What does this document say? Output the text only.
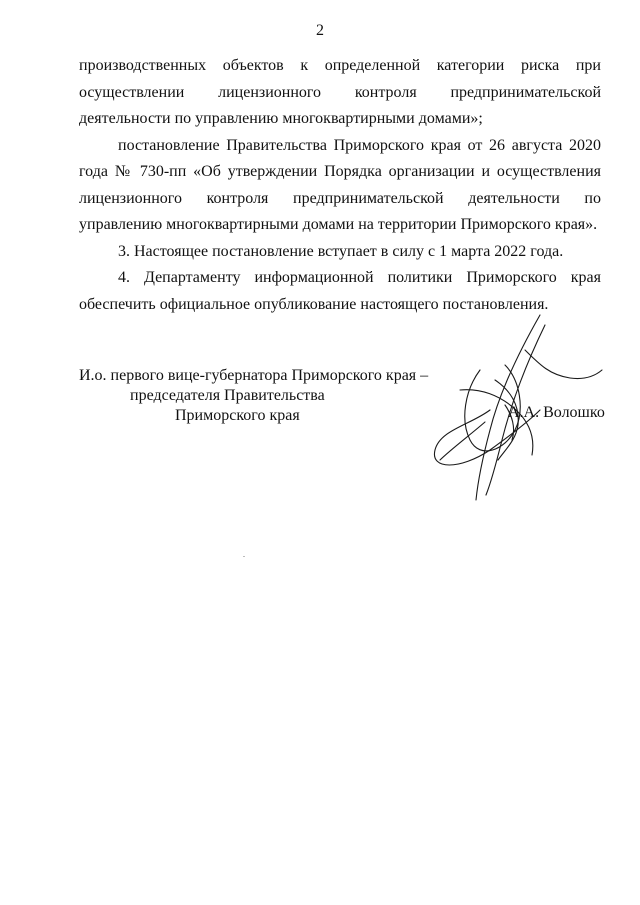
2

производственных объектов к определенной категории риска при осуществлении лицензионного контроля предпринимательской деятельности по управлению многоквартирными домами»;

постановление Правительства Приморского края от 26 августа 2020 года № 730-пп «Об утверждении Порядка организации и осуществления лицензионного контроля предпринимательской деятельности по управлению многоквартирными домами на территории Приморского края».

3. Настоящее постановление вступает в силу с 1 марта 2022 года.

4. Департаменту информационной политики Приморского края обеспечить официальное опубликование настоящего постановления.

И.о. первого вице-губернатора Приморского края –
председателя Правительства
Приморского края	А.А. Волошко
